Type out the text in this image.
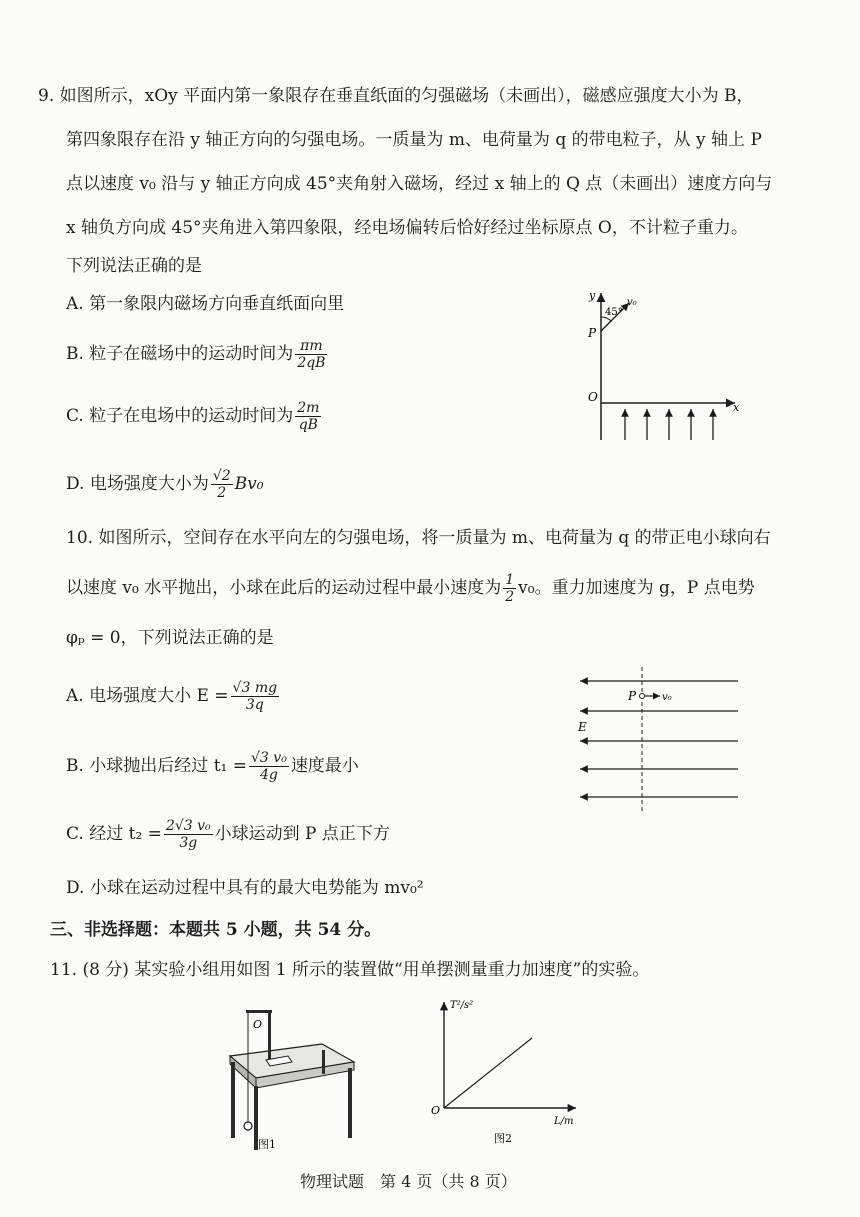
9. 如图所示，xOy 平面内第一象限存在垂直纸面的匀强磁场（未画出），磁感应强度大小为 B，
第四象限存在沿 y 轴正方向的匀强电场。一质量为 m、电荷量为 q 的带电粒子，从 y 轴上 P
点以速度 v₀ 沿与 y 轴正方向成 45°夹角射入磁场，经过 x 轴上的 Q 点（未画出）速度方向与
x 轴负方向成 45°夹角进入第四象限，经电场偏转后恰好经过坐标原点 O，不计粒子重力。
下列说法正确的是
A. 第一象限内磁场方向垂直纸面向里
B. 粒子在磁场中的运动时间为 $\frac{\pi m}{2qB}$
C. 粒子在电场中的运动时间为 $\frac{2m}{qB}$
D. 电场强度大小为 $\frac{√2}{2} Bv_0$
y
45°
v₀
P
O
x
10. 如图所示，空间存在水平向左的匀强电场，将一质量为 m、电荷量为 q 的带正电小球向右
以速度 v₀ 水平抛出，小球在此后的运动过程中最小速度为 $\frac{1}{2} v_0$。重力加速度为 g，P 点电势
φₚ = 0，下列说法正确的是
A. 电场强度大小 $E = \frac{√3 mg}{3q}$
B. 小球抛出后经过 $t_1 = \frac{\text{√3 v₀}}{4g}$ 速度最小
C. 经过 $t_2 = \frac{\text{2√3 v₀}}{3g}$ 小球运动到 P 点正下方
D. 小球在运动过程中具有的最大电势能为 mv₀²
P	v₀
E
三、非选择题：本题共 5 小题，共 54 分。
11. (8 分) 某实验小组用如图 1 所示的装置做“用单摆测量重力加速度”的实验。
O
图1
T²/s²
L/m
O
图2
物理试题　第 4 页（共 8 页）
